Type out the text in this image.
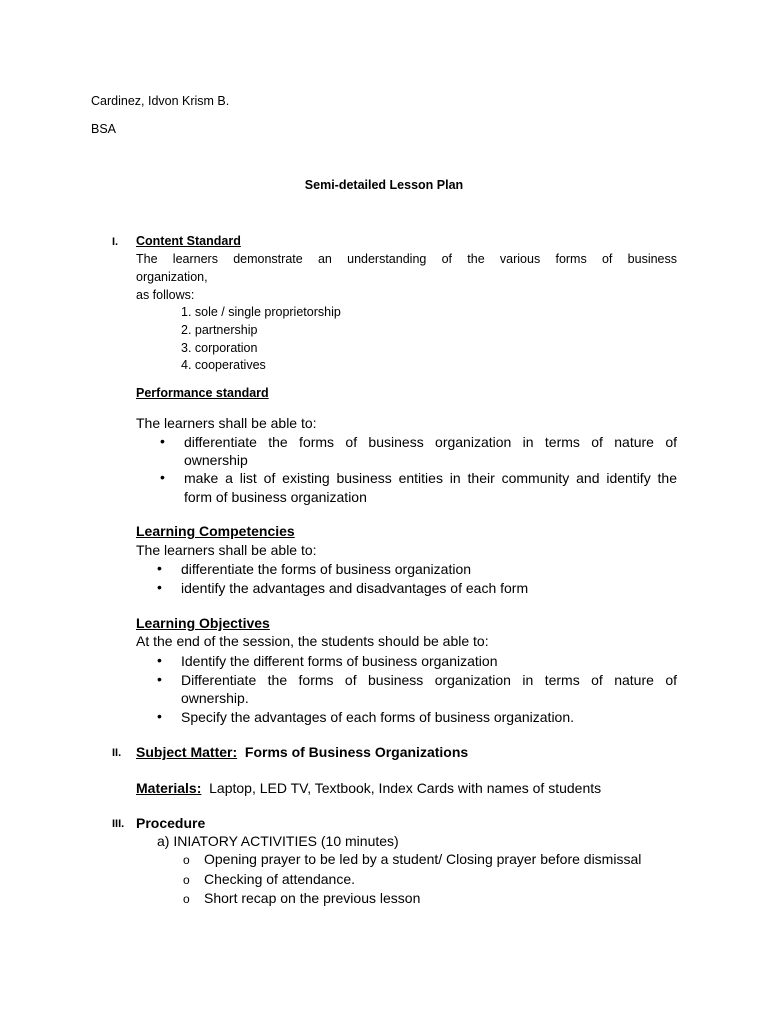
Cardinez, Idvon Krism B.
BSA
Semi-detailed Lesson Plan
I. Content Standard
The learners demonstrate an understanding of the various forms of business
organization,
as follows:
1. sole / single proprietorship
2. partnership
3. corporation
4. cooperatives
Performance standard
The learners shall be able to:
• differentiate the forms of business organization in terms of nature of
ownership
• make a list of existing business entities in their community and identify the
form of business organization
Learning Competencies
The learners shall be able to:
• differentiate the forms of business organization
• identify the advantages and disadvantages of each form
Learning Objectives
At the end of the session, the students should be able to:
• Identify the different forms of business organization
• Differentiate the forms of business organization in terms of nature of
ownership.
• Specify the advantages of each forms of business organization.
II. Subject Matter: Forms of Business Organizations
Materials: Laptop, LED TV, Textbook, Index Cards with names of students
III. Procedure
a) INIATORY ACTIVITIES (10 minutes)
o Opening prayer to be led by a student/ Closing prayer before dismissal
o Checking of attendance.
o Short recap on the previous lesson
